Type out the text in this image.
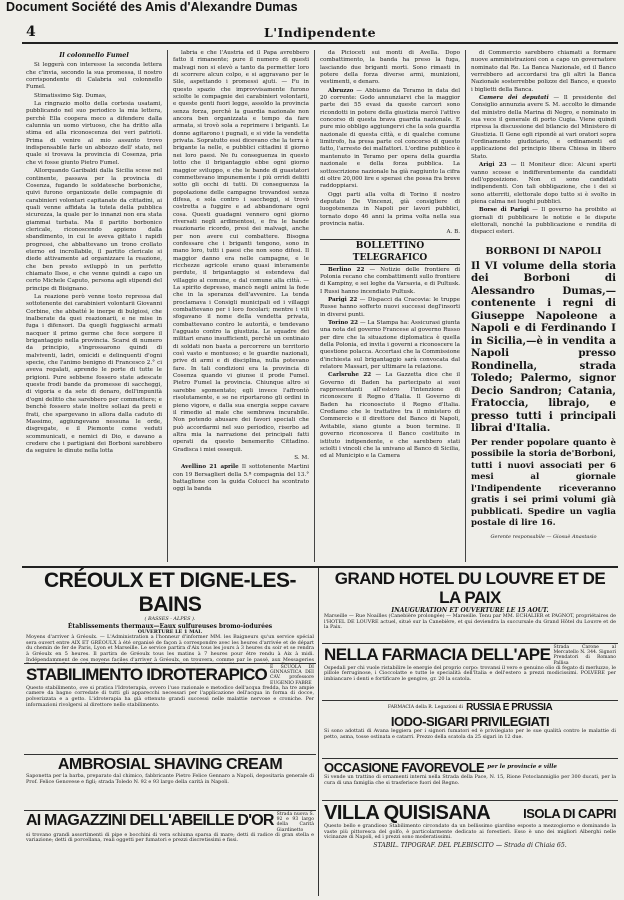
Document Société des Amis d'Alexandre Dumas
4	L'Indipendente
Il colonnello Fumel

Si leggerà con interesse la seconda lettera che c'invia, secondo la sua promessa, il nostro corrispondente di Calabria sul colonnello Fumel.

Stimatissimo Sig. Dumas,

La ringrazio molto della cortesia usatami, pubblicando nel suo periodico la mia lettera, perchè Ella coopera meco a difendere dalla calunnia un uomo virtuoso, che ha dritto alla stima ed alla riconoscenza dei veri patrioti. Prima di venire al mio assunto trovo indispensabile farle un abbozzo dell' stato, nel quale si trovava la provincia di Cosenza, pria che vi fosse giunto Pietro Fumel.

Allorquando Garibaldi dalla Sicilia scese nel continente, passava per la provincia di Cosenza, fugando le soldatesche borboniche, quivi furono organizzate delle compagnie di carabinieri volontari capitanate da cittadini, ai quali venne affidata la tutela della pubblica sicurezza, la quale per lo innanzi non era stata giammai turbata. Ma il partito borbonico clericale, riconoscendo appieno dalla sbandimento, in cui le aveva gittato i rapidi progressi, che abbattevano un trono crollato eterno ed incrollabile, il partito clericale si diede attivamente ad organizzare la reazione, che ben presto sviluppò in un perfetto chiamato Ilsoe, e che venne quindi a capo un certo Michele Caputo, persona agli stipendi del principe di Bisignano.

La reazione però venne tosto repressa dal sottotenente dei carabinieri volontarii Giovanni Corbine, che abbatté le inerpe di bulgiosi, che inalberate da quei reazionarii, e ne mise in fuga i difensori. Da quegli fuggiaschi armati nacquer il primo germe che fece sorgere il brigantaggio nella provincia. Scarsi di numero da principio, s'ingrossarono quindi di malviventi, ladri, omicidi e delinquenti d'ogni specie, che l'animo benigno di Francesco 2.° ci aveva regalati, aprendo le porte di tutte le prigioni. Pure sebbene fossero state adescate queste frodi bande da promesse di saccheggi, di vigoria e da sete di denaro, dell'impunità d'ogni delitto che sarebbero per commettere; e benchè fossero state inoltre sollazi da preti e frati, che spargevano in allora dalla caduto di Massimo, aggiungevano nessuna le orde, disgregate, e il Piemonte come veduti scommunicati, e nemici di Dio, e davano a credere che i partigiani dei Borboni sarebbero da seguire le dinute nella lotta

labria e che l'Austria ed il Papa avrebbero fatto il rimanente; pure il numero di questi malvagi non si elevò a tanto da permetter loro di scorrere alcun colpo, e si aggravano per le Sile, aspettando i promessi ajuti. — Fu in questo spazio che improvvisamente furono sciolte le compagnie dei carabinieri volontarii, e queste genti fuori legge, assoldo la provincia senza forza, perchè la guardia nazionale non ancora ben organizzata e tempo da fare armata, si trovò sola a reprimere i briganti. Le donne agitarono i pugnali, e si vide la vendetta privata. Sopratutto essi dicevano che la terra è brigante la nelle, e pubblici cittadini il giorno nei loro paesi. Ne fu conseguenza in questo lotto che il brigantaggio ebbe ogni giorno maggior sviluppo, e che le bande di guastatori commettevano impunemente i più orridi delitti sotto gli occhi di tutti. Di conseguenza la popolazione delle campagne trovandosi senza difesa, e sola contro i saccheggi, si trovò costretta a fuggire e ad abbandonare ogni cosa. Questi guadagni vennero ogni giorno riversati negli ardimentosi, e fra le bande reazionarie ricordo, presi dei malvagi, anche per non avere cui combattere. Bisogna confessare che i briganti tengono, sono in mano loro, tutti i paesi che non sono difesi. Il maggior danno era nelle campagne, e le ricchezze agricole erano quasi interamente perdute, il brigantaggio si estendeva dal villaggio al comune, e dal comune alla città. — La spirito depresso, mancò negli animi la fede che in la speranza dell'avvenire. La tenda proclamava i Consigli municipali ed i villaggi combattevano per i loro focolari; mentre i vili sfogavano il nome della vendetta privata, combattevano contro le autorità, e tendevano l'agguato contro la giustizia. Le squadre dei militari erano insufficienti, perchè un centinaio di soldati non basta a percorrere un territorio così vasto e montuoso; e le guardie nazionali, prive di armi e di disciplina, nulla potevano fare. In tali condizioni era la provincia di Cosenza quando vi giunse il prode Fumel. Pietro Fumel la provincia. Chiunque altro si sarebbe sgomentato; egli invece l'affrontò risolutamente, e se ne riportarono gli ordini in pieno vigore, e dalla sua energia seppe cavare il rimedio al male che sembrava incurabile. Non potendo abusare dei favori speciali che può accordarmi nel suo periodico, riserbo ad altra mia la narrazione dei principali fatti operati da questo benemerito Cittadino. Gradisca i miei ossequii.

S. M.

Avellino 21 aprile Il sottotenente Martini con 19 Bersaglieri della 5.ª compagnia del 13.° battaglione con la guida Colucci ha scontrato oggi la banda

da Picioceti sui monti di Avella. Dopo combattimento, la banda ha preso la fuga, lasciando due briganti morti. Sono rimasti in potere della forza diverse armi, munizioni, vestimenti, e denaro.

Abruzzo — Abbiamo da Teramo in data del 20 corrente: Godo annunziarvi che la maggior parte dei 55 evasi da queste carceri sono ricondotti in potere della giustizia mercè l'attivo concorso di questa brava guardia nazionale. E pure mio obbligo aggiungervi che la sola guardia nazionale di questa città, e di qualche comune limitrofo, ha presa parte col concorso di questo fatto, l'arresto dei malfattori. L'ordine pubblico è mantenuto in Teramo per opera della guardia nazionale e della forza pubblica. La sottoscrizione nazionale ha già raggiunto la cifra di oltre 20,000 lire e sperasi che possa fra breve raddoppiarsi.

Oggi parti alla volta di Torino il nostro deputato De Vincenzi, già consigliere di luogotenenza in Napoli per lavori pubblici, tornato dopo 46 anni la prima volta nella sua provincia natia.

A. B.
BOLLETTINO TELEGRAFICO

Berlino 22 — Notizie delle frontiere di Polonia recano che combattimenti sullo frontiere di Kampiny, e sei leghe da Varsavia, e di Pultusk. I Russi hanno incendiato Pultusk.

Parigi 22 — Dispacci da Cracovia: le truppe Russe hanno sofferto nuovi successi degl'insorti in diversi punti.

Torino 22 — La Stampa ha: Assicurasi giunta una nota del governo Francese al governo Russo per dire che la situazione diplomatica è quella della Polonia, ed invita i governi a riconoscere la questione polacca. Accertasi che la Commissione d'inchiesta sul brigantaggio sarà convocata dal relatore Massari, per ultimare la relazione.

Carlsruhe 22 — La Gazzetta dice che il Governo di Baden ha partecipato ai suoi rappresentanti all'estero l'intenzione di riconoscere il Regno d'Italia. Il Governo di Baden ha riconosciuto il Regno d'Italia. Crediamo che le trattative tra il ministero di Commercio e il direttore del Banco di Napoli, Avitabile, siano giunte a buon termine. Il governo riconosceva il Banco costituito in istituto indipendente, e che sarebbero stati sciolti i vincoli che la univano al Banco di Sicilia, ed al Municipio e la Camera

di Commercio sarebbero chiamati a formare nuove amministrazioni con a capo un governatore nominato dal Re. La Banca Nazionale, ed il Banco verrebbero ad accordarsi tra gli altri la Banca Nazionale sosterrebbe polizze del Banco, e questo i biglietti della Banca.

Camera dei deputati — Il presidente del Consiglio annunzia avere S. M. accolto le dimande del ministro della Marina di Negro, e nominato in sua vece il generale di porto Cugia. Viene quindi ripresa la discussione del bilancio del Ministero di Giustizia. Il Gene egli ripondè ai vari oratori sopra l'ordinamento giudiziario, e ordinamenti ed applicazione del principio libera Chiesa in libero Stato.

Arigi 23 — Il Moniteur dice: Alcuni sperti vanno scosse e indifferentemente da candidati dell'opposizione. Non ci sono candidati indipendenti. Con tali obbligazione, che i dei si sono atterriti, elettorale dopo tutto si è svolto in piena calma nei luoghi pubblici.

Borse di Parigi — Il governo ha proibito ai giornali di pubblicare le notizie e le dispute elettorali, nonché la pubblicazione e rendita di dispacci esteri.

BORBONI DI NAPOLI
Il VI volume della storia dei Borboni di Alessandro Dumas,—contenente i regni di Giuseppe Napoleone a Napoli e di Ferdinando I in Sicilia,—è in vendita a Napoli presso Rondinella, strada Toledo; Palermo, signor Decio Sandron; Catania, Fratoccia, librajo, e presso tutti i principali librai d'Italia.
Per render popolare quanto è possibile la storia de'Borboni, tutti i nuovi associati per 6 mesi al giornale l'Indipendente riceveranno gratis i sei primi volumi già pubblicati. Spedire un vaglia postale di lire 16.
Gerente responsabile — Giosuè Anastasio
CRÉOULX ET DIGNE-LES-BAINS
( BASSES - ALPES ).
Établissements thermaux—Eaux sulfureuses bromo-iodurées
OUVERTURE LE 1 MAI.
Moyens d'arriver à Gréoulx. — L'Administration a l'honneur d'informer MM. les Baigneurs qu'un service spécial sera ouvert entre AIX ET GRÉOULX à été organisé de façon à correspondre avec les heures d'arrivée et de départ du chemin de fer de Paris, Lyon et Marseille. Le service partira d'Aix tous les jours à 3 heures du soir et se rendra à Gréoulx en 5 heures. Il partira de Gréoulx tous les matins à 7 heures pour être rendu à Aix à midi. Indépendamment de ces moyens faciles d'arriver à Gréoulx, on trouvera, comme par le passé, aux Messageries
STABILIMENTO IDROTERAPICO E SCUOLA DI GINNASTICA DEI CAV. professore EUGENIO FABRE
Questo stabilimento, ove si pratica l'Idroterapia, ovvero l'uso razionale e metodico dell'acqua fredda, ha tre ampie camere da bagno corredate di tutti gli apparecchi necessari per l'applicazione dell'acqua in forma di docce, polverizzata e a getto. L'idroterapia ha già ottenuto grandi successi nelle malattie nervose e croniche. Per informazioni rivolgersi al direttore nello stabilimento.
AMBROSIAL SHAVING CREAM
Saponetta per la barba, preparato dal chimico, fabbricante Pietro Felice Gennaro a Napoli, depositaria generale di Prof. Felice Genovese e figli; strada Toledo N. 92 e 93 largo della carità in Napoli.
AI MAGAZZINI DELL'ABEILLE D'OR Strada nuova S. 92 e 93 largo della Carità Giardinetto
si trovano grandi assortimenti di pipe e bocchini di vera schiuma sparsa di mare; detti di radice di gran stella e variazione; detti di porcellana, reali oggetti per fumatori e prezzi discretissimi e fissi.
GRAND HOTEL DU LOUVRE ET DE LA PAIX
INAUGURATION ET OUVERTURE LE 15 AOUT.
Marseille — Rue Noailles (Canebière prolongée) — Marseille. Tenu par MM. ECHALIER et PAGNOT, propriétaires de l'HOTEL DE LOUVRE actuel, situé sur la Canebière, et qui deviendra la succursale du Grand Hôtel du Louvre et de la Paix.
NELLA FARMACIA DELL'APE Strada Carone al Mercatello N. 344. Signori Prendatori di Romano Pallisa
Ospedali per chi vuole ristabilire le energie del proprio corpo: trovansi il vero e genuino olio di fegato di merluzzo, le pillole ferruginose, i Cioccolatte e tutte le specialità dell'Italia e dell'estero a prezzi modicissimi. POLVERE per imbiancare i denti e fortificare le gengive, gr. 20 la scatola.
FARMACIA della R. Legazioni di RUSSIA E PRUSSIA
IODO-SIGARI PRIVILEGIATI
Si sono adottati di Avana leggiera per i signori fumatori ed è privilegiato per le sue qualità contro le malattie di petto, asma, tosse ostinata e catarri. Prezzo della scatola da 25 sigari in 12 due.
OCCASIONE FAVOREVOLE per le provincie e ville
Si vende un trattino di ornamenti interni nella Strada della Pace, N. 15, Rione Fotoclanmiglio per 300 ducati, per la cura di una famiglia che si trasferisce fuori del Regno.
VILLA QUISISANA	ISOLA DI CAPRI
Questo bello e grandioso Stabilimento circondato da un bellissimo giardino esposto a mezzogiorno e dominando la vaste più pittoresca del golfo, è particolarmente dedicato ai forestieri. Esso è uno dei migliori Alberghi nelle vicinanze di Napoli, ed i prezzi sono moderatissimi.
STABIL. TIPOGRAF. DEL PLEBISCITO — Strada di Chiaia 65.
